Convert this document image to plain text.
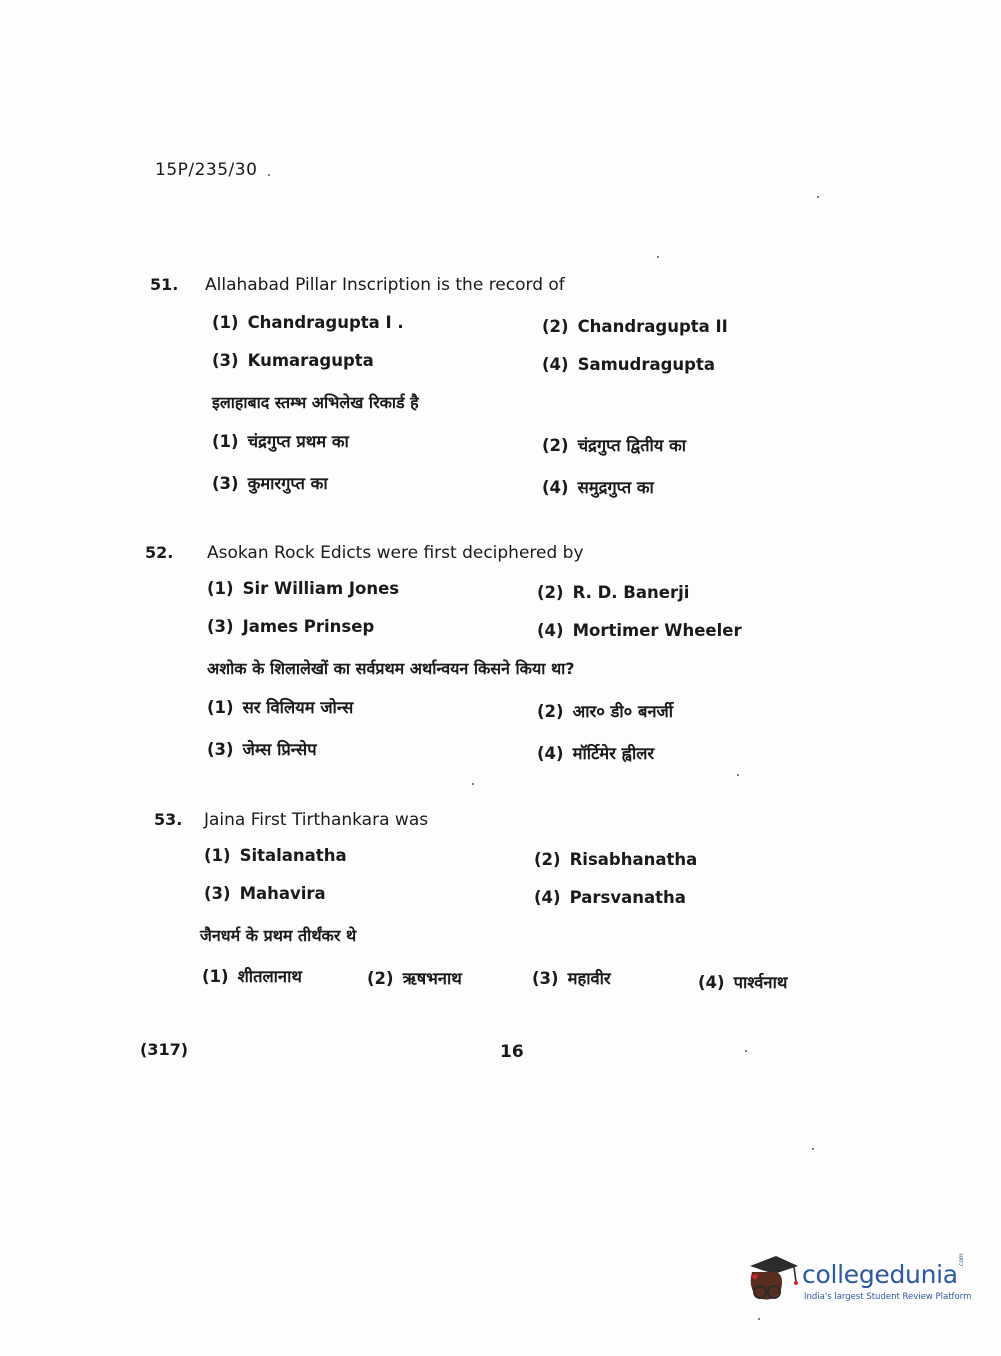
15P/235/30
51. Allahabad Pillar Inscription is the record of
(1) Chandragupta I .	(2) Chandragupta II
(3) Kumaragupta	(4) Samudragupta
इलाहाबाद स्तम्भ अभिलेख रिकार्ड है
(1) चंद्रगुप्त प्रथम का	(2) चंद्रगुप्त द्वितीय का
(3) कुमारगुप्त का	(4) समुद्रगुप्त का
52. Asokan Rock Edicts were first deciphered by
(1) Sir William Jones	(2) R. D. Banerji
(3) James Prinsep	(4) Mortimer Wheeler
अशोक के शिलालेखों का सर्वप्रथम अर्थान्वयन किसने किया था?
(1) सर विलियम जोन्स	(2) आर० डी० बनर्जी
(3) जेम्स प्रिन्सेप	(4) मॉर्टिमेर ह्वीलर
53. Jaina First Tirthankara was
(1) Sitalanatha	(2) Risabhanatha
(3) Mahavira	(4) Parsvanatha
जैनधर्म के प्रथम तीर्थंकर थे
(1) शीतलानाथ	(2) ऋषभनाथ	(3) महावीर	(4) पार्श्वनाथ
(317)	16
collegedunia .com
India's largest Student Review Platform
